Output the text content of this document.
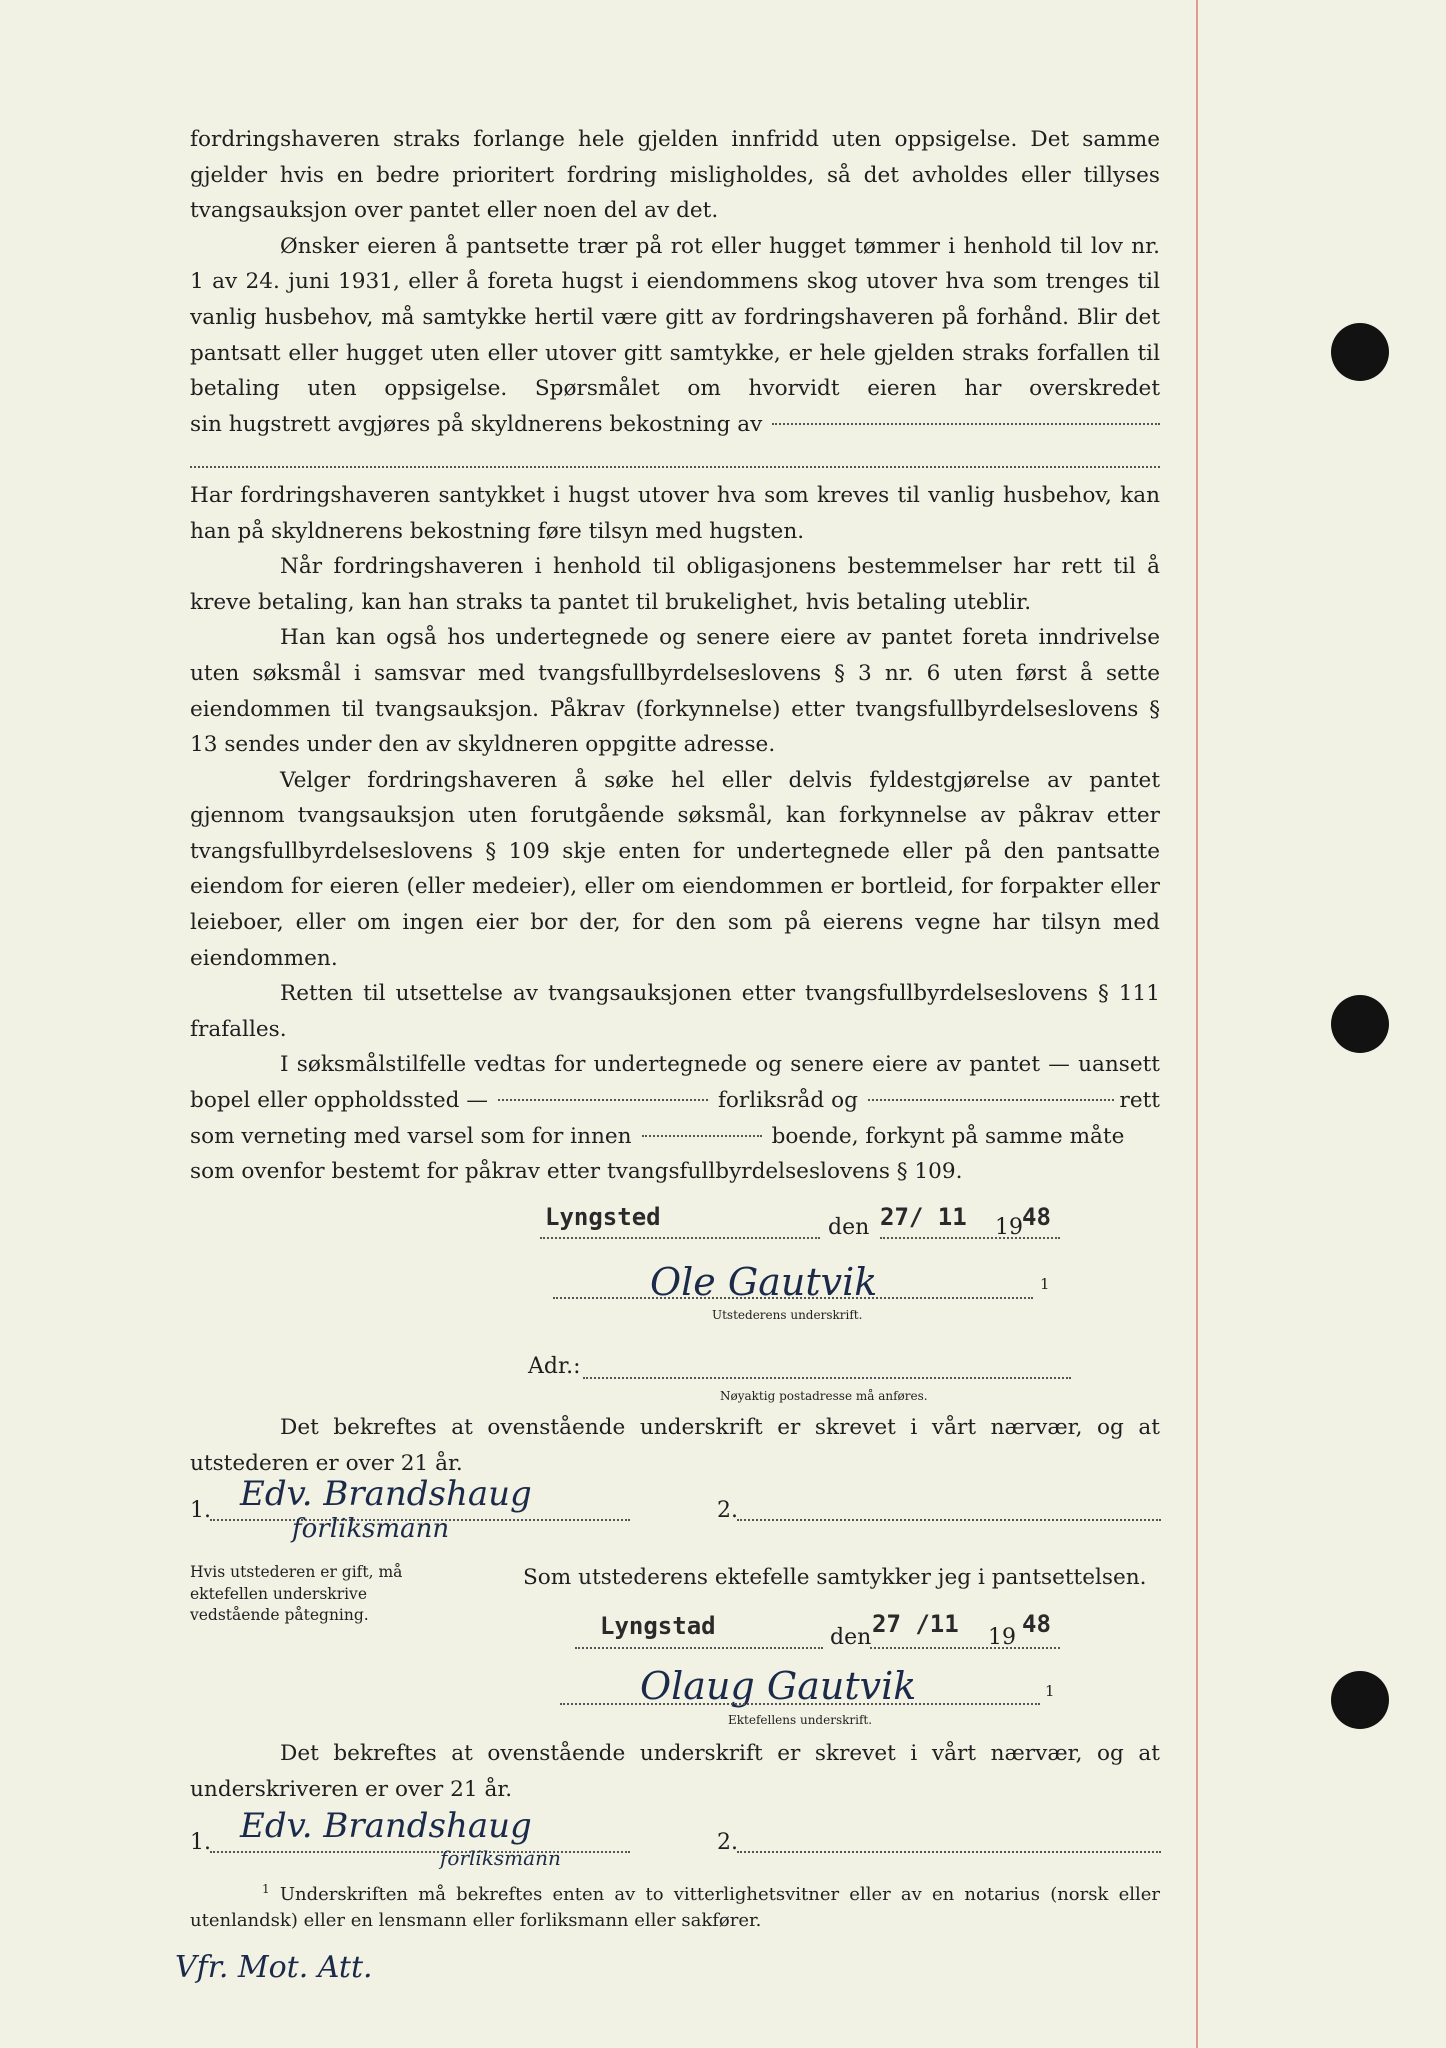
fordringshaveren straks forlange hele gjelden innfridd uten oppsigelse. Det samme gjelder hvis en bedre prioritert fordring misligholdes, så det avholdes eller tillyses tvangsauksjon over pantet eller noen del av det.

Ønsker eieren å pantsette trær på rot eller hugget tømmer i henhold til lov nr. 1 av 24. juni 1931, eller å foreta hugst i eiendommens skog utover hva som trenges til vanlig husbehov, må samtykke hertil være gitt av fordringshaveren på forhånd. Blir det pantsatt eller hugget uten eller utover gitt samtykke, er hele gjelden straks forfallen til betaling uten oppsigelse. Spørsmålet om hvorvidt eieren har overskredet

sin hugstrett avgjøres på skyldnerens bekostning av

Har fordringshaveren santykket i hugst utover hva som kreves til vanlig husbehov, kan han på skyldnerens bekostning føre tilsyn med hugsten.

Når fordringshaveren i henhold til obligasjonens bestemmelser har rett til å kreve betaling, kan han straks ta pantet til brukelighet, hvis betaling uteblir.

Han kan også hos undertegnede og senere eiere av pantet foreta inndrivelse uten søksmål i samsvar med tvangsfullbyrdelseslovens § 3 nr. 6 uten først å sette eiendommen til tvangsauksjon. Påkrav (forkynnelse) etter tvangsfullbyrdelseslovens § 13 sendes under den av skyldneren oppgitte adresse.

Velger fordringshaveren å søke hel eller delvis fyldestgjørelse av pantet gjennom tvangsauksjon uten forutgående søksmål, kan forkynnelse av påkrav etter tvangsfullbyrdelseslovens § 109 skje enten for undertegnede eller på den pantsatte eiendom for eieren (eller medeier), eller om eiendommen er bortleid, for forpakter eller leieboer, eller om ingen eier bor der, for den som på eierens vegne har tilsyn med eiendommen.

Retten til utsettelse av tvangsauksjonen etter tvangsfullbyrdelseslovens § 111 frafalles.

I søksmålstilfelle vedtas for undertegnede og senere eiere av pantet — uansett

bopel eller oppholdssted —	forliksråd og	rett
som verneting med varsel som for innen	boende, forkynt på samme måte

som ovenfor bestemt for påkrav etter tvangsfullbyrdelseslovens § 109.

Lyngsted	den 27/ 11 19 48
Ole Gautvik	1
Utstederens underskrift.
Adr.:
Nøyaktig postadresse må anføres.
Det bekreftes at ovenstående underskrift er skrevet i vårt nærvær, og at utstederen er over 21 år.
1. Edv. Brandshaug
forliksmann
2.
Hvis utstederen er gift, må ektefellen underskrive vedstående påtegning.
Som utstederens ektefelle samtykker jeg i pantsettelsen.
Lyngstad	den 27 /11 19 48
Olaug Gautvik	1
Ektefellens underskrift.
Det bekreftes at ovenstående underskrift er skrevet i vårt nærvær, og at underskriveren er over 21 år.
1. Edv. Brandshaug
forliksmann
2.
$^1$ Underskriften må bekreftes enten av to vitterlighetsvitner eller av en notarius (norsk eller utenlandsk) eller en lensmann eller forliksmann eller sakfører.
Vfr. Mot. Att.
